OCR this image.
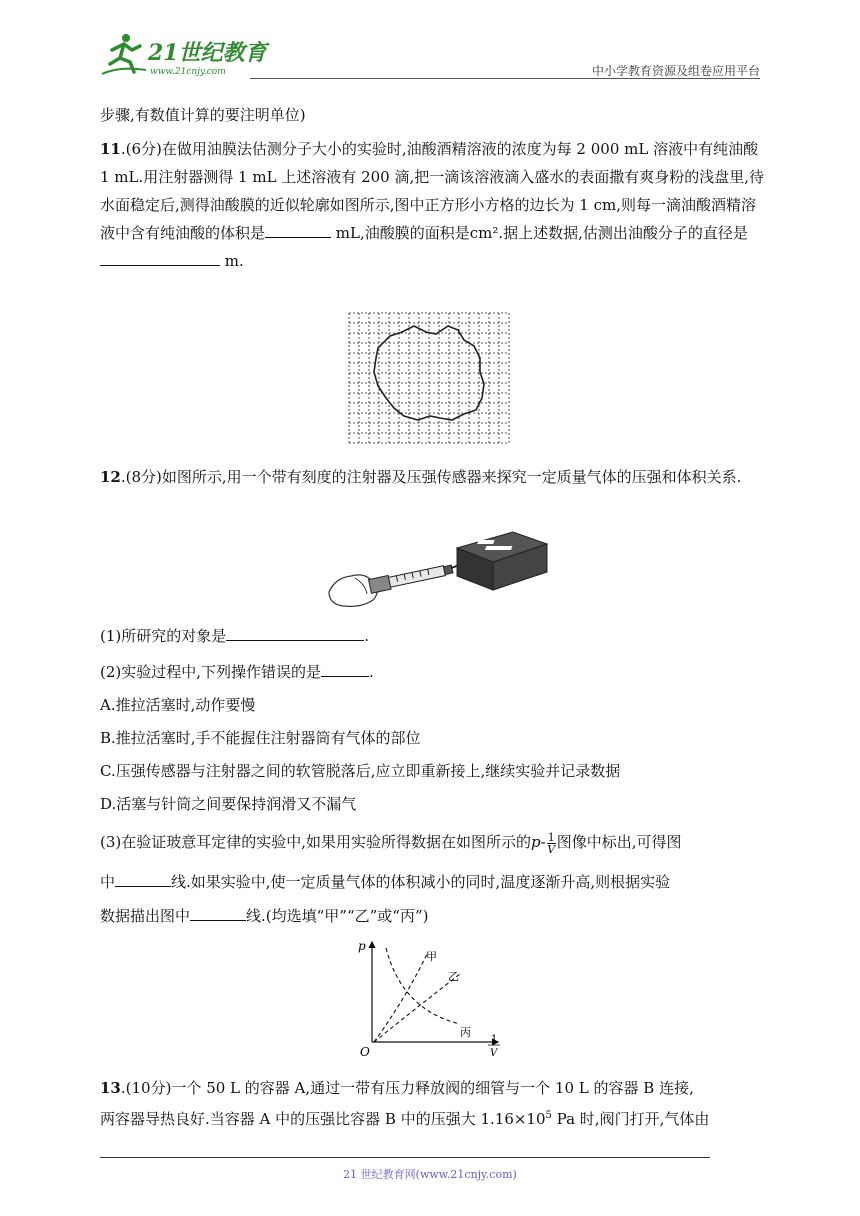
21世纪教育
www.21cnjy.com	中小学教育资源及组卷应用平台
步骤,有数值计算的要注明单位)

11.(6分)在做用油膜法估测分子大小的实验时,油酸酒精溶液的浓度为每 2 000 mL 溶液中有纯油酸 1 mL.用注射器测得 1 mL 上述溶液有 200 滴,把一滴该溶液滴入盛水的表面撒有爽身粉的浅盘里,待水面稳定后,测得油酸膜的近似轮廓如图所示,图中正方形小方格的边长为 1 cm,则每一滴油酸酒精溶液中含有纯油酸的体积是	mL,油酸膜的面积是cm².据上述数据,估测出油酸分子的直径是 m.

12.(8分)如图所示,用一个带有刻度的注射器及压强传感器来探究一定质量气体的压强和体积关系.

(1)所研究的对象是	.
(2)实验过程中,下列操作错误的是	.
A.推拉活塞时,动作要慢
B.推拉活塞时,手不能握住注射器筒有气体的部位
C.压强传感器与注射器之间的软管脱落后,应立即重新接上,继续实验并记录数据
D.活塞与针筒之间要保持润滑又不漏气
(3)在验证玻意耳定律的实验中,如果用实验所得数据在如图所示的$p- \frac{1}{V}$ 图像中标出,可得图
中	线.如果实验中,使一定质量气体的体积减小的同时,温度逐渐升高,则根据实验
数据描出图中	线.(均选填“甲”“乙”或“丙”)
p
O
1
V
甲
乙
丙
13.(10分)一个 50 L 的容器 A,通过一带有压力释放阀的细管与一个 10 L 的容器 B 连接,
两容器导热良好.当容器 A 中的压强比容器 B 中的压强大 $1.16\times 10^5$ Pa 时,阀门打开,气体由
21 世纪教育网(www.21cnjy.com)
